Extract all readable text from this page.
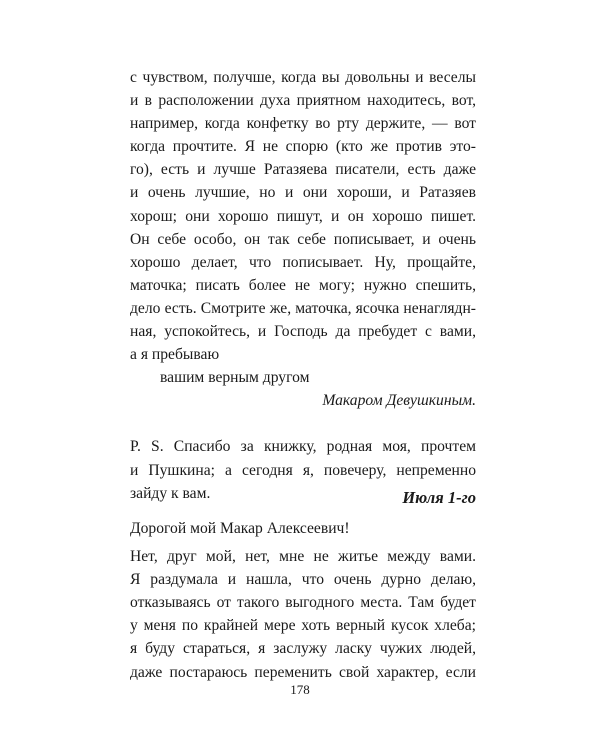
с чувством, получше, когда вы довольны и веселы
и в расположении духа приятном находитесь, вот,
например, когда конфетку во рту держите, — вот
когда прочтите. Я не спорю (кто же против это-
го), есть и лучше Ратазяева писатели, есть даже
и очень лучшие, но и они хороши, и Ратазяев
хорош; они хорошо пишут, и он хорошо пишет.
Он себе особо, он так себе пописывает, и очень
хорошо делает, что пописывает. Ну, прощайте,
маточка; писать более не могу; нужно спешить,
дело есть. Смотрите же, маточка, ясочка ненаглядн-
ная, успокойтесь, и Господь да пребудет с вами,
а я пребываю
вашим верным другом
Макаром Девушкиным.
P. S. Спасибо за книжку, родная моя, прочтем
и Пушкина; а сегодня я, повечеру, непременно
зайду к вам.	Июля 1-го
Дорогой мой Макар Алексеевич!
Нет, друг мой, нет, мне не житье между вами.
Я раздумала и нашла, что очень дурно делаю,
отказываясь от такого выгодного места. Там будет
у меня по крайней мере хоть верный кусок хлеба;
я буду стараться, я заслужу ласку чужих людей,
даже постараюсь переменить свой характер, если
178
